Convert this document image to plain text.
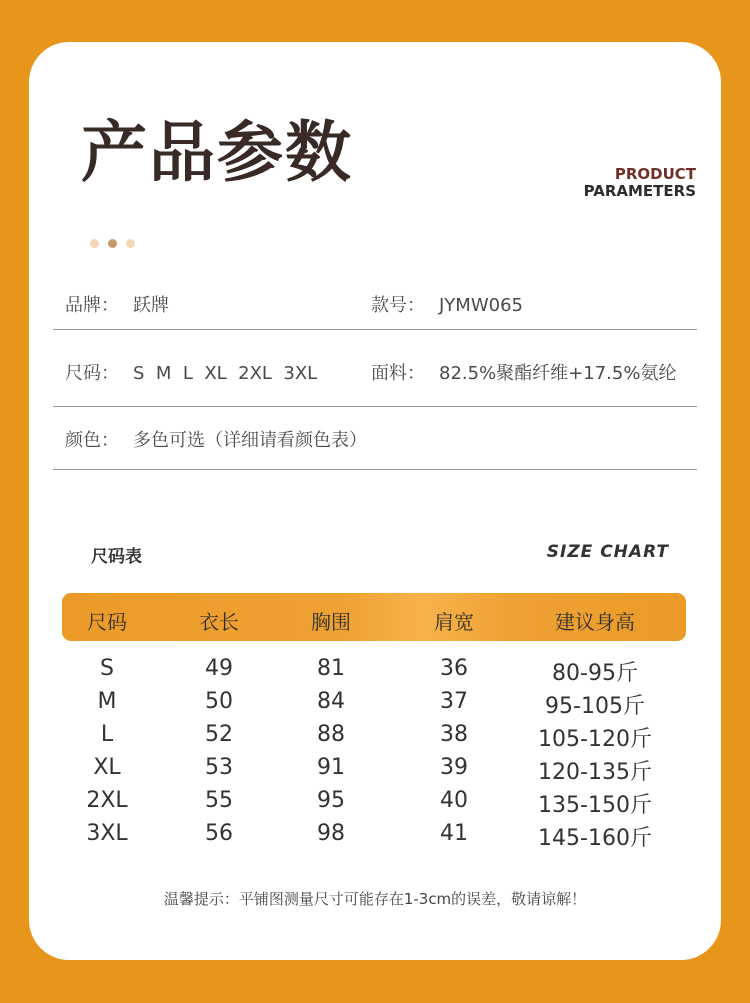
产品参数	PRODUCT
PARAMETERS
品牌： 跃牌	款号： JYMW065
尺码： S  M  L  XL  2XL  3XL	面料： 82.5%聚酯纤维+17.5%氨纶
颜色： 多色可选（详细请看颜色表）
尺码表	SIZE CHART
尺码	衣长	胸围	肩宽	建议身高
S	49	81	36	80-95斤
M	50	84	37	95-105斤
L	52	88	38	105-120斤
XL	53	91	39	120-135斤
2XL	55	95	40	135-150斤
3XL	56	98	41	145-160斤
温馨提示：平铺图测量尺寸可能存在1-3cm的误差，敬请谅解！
